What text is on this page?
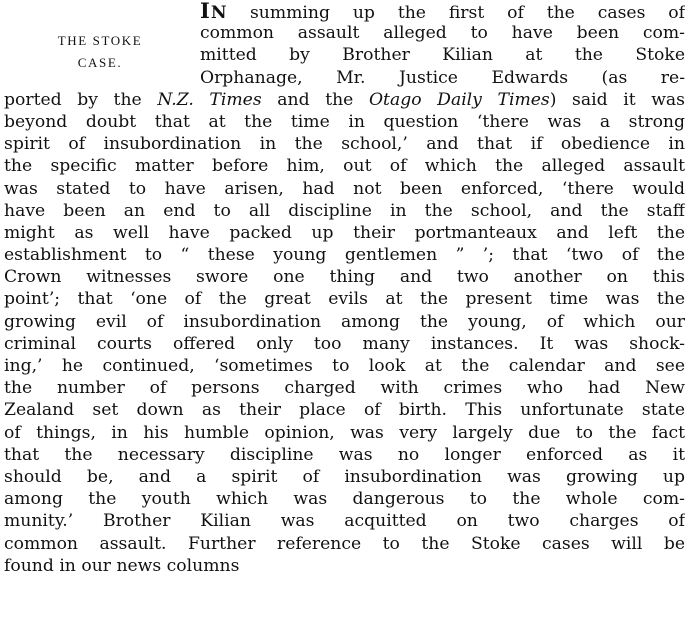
THE STOKE
CASE.
IN summing up the first of the cases of
common assault alleged to have been com-
mitted by Brother Kilian at the Stoke
Orphanage, Mr. Justice Edwards (as re-
ported by the N.Z. Times and the Otago Daily Times) said it was
beyond doubt that at the time in question ‘there was a strong
spirit of insubordination in the school,’ and that if obedience in
the specific matter before him, out of which the alleged assault
was stated to have arisen, had not been enforced, ‘there would
have been an end to all discipline in the school, and the staff
might as well have packed up their portmanteaux and left the
establishment to “ these young gentlemen ” ’; that ‘two of the
Crown witnesses swore one thing and two another on this
point’; that ‘one of the great evils at the present time was the
growing evil of insubordination among the young, of which our
criminal courts offered only too many instances. It was shock-
ing,’ he continued, ‘sometimes to look at the calendar and see
the number of persons charged with crimes who had New
Zealand set down as their place of birth. This unfortunate state
of things, in his humble opinion, was very largely due to the fact
that the necessary discipline was no longer enforced as it
should be, and a spirit of insubordination was growing up
among the youth which was dangerous to the whole com-
munity.’ Brother Kilian was acquitted on two charges of
common assault. Further reference to the Stoke cases will be
found in our news columns
